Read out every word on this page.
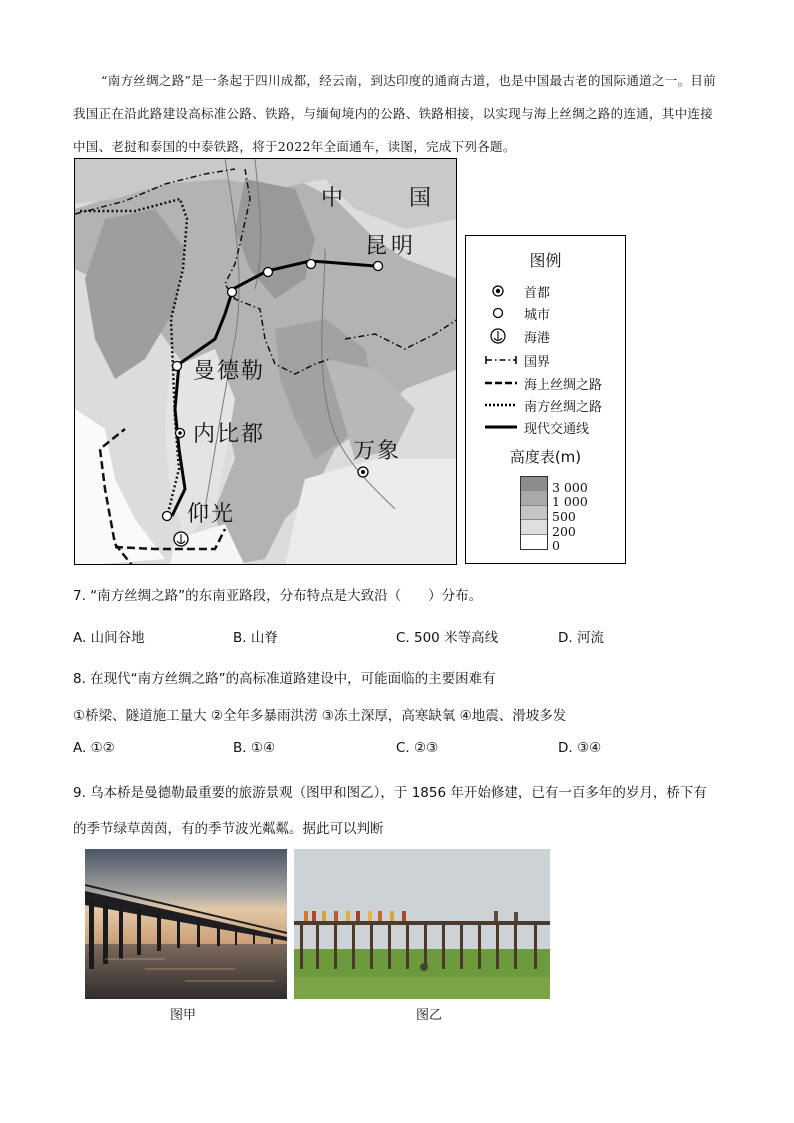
“南方丝绸之路”是一条起于四川成都，经云南，到达印度的通商古道，也是中国最古老的国际通道之一。目前我国正在沿此路建设高标准公路、铁路，与缅甸境内的公路、铁路相接，以实现与海上丝绸之路的连通，其中连接中国、老挝和泰国的中泰铁路，将于2022年全面通车，读图，完成下列各题。
中	国
昆明
曼德勒
内比都
万象
仰光
图例
首都
城市
海港
国界
海上丝绸之路
南方丝绸之路
现代交通线
高度表(m)
3 000
1 000
500
200
0
7. “南方丝绸之路”的东南亚路段，分布特点是大致沿（　　）分布。
A. 山间谷地	B. 山脊	C. 500 米等高线	D. 河流
8. 在现代“南方丝绸之路”的高标准道路建设中，可能面临的主要困难有
①桥梁、隧道施工量大 ②全年多暴雨洪涝 ③冻土深厚，高寒缺氧 ④地震、滑坡多发
A. ①②	B. ①④	C. ②③	D. ③④
9. 乌本桥是曼德勒最重要的旅游景观（图甲和图乙），于 1856 年开始修建，已有一百多年的岁月，桥下有
的季节绿草茵茵，有的季节波光粼粼。据此可以判断
图甲	图乙
